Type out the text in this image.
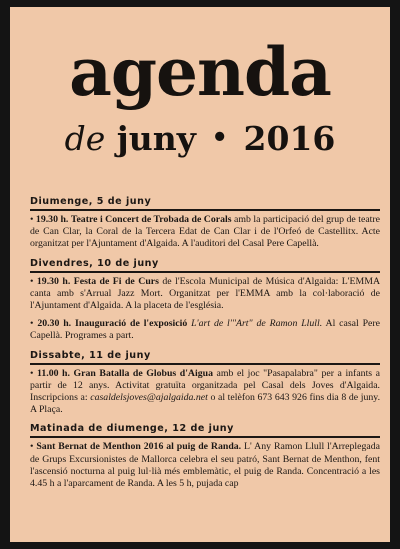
agenda
de juny • 2016
Diumenge, 5 de juny

• 19.30 h. Teatre i Concert de Trobada de Corals amb la participació del grup de teatre de Can Clar, la Coral de la Tercera Edat de Can Clar i de l'Orfeó de Castellitx. Acte organitzat per l'Ajuntament d'Algaida. A l'auditori del Casal Pere Capellà.

Divendres, 10 de juny

• 19.30 h. Festa de Fi de Curs de l'Escola Municipal de Música d'Algaida: L'EMMA canta amb s'Arrual Jazz Mort. Organitzat per l'EMMA amb la col·laboració de l'Ajuntament d'Algaida. A la placeta de l'església.

• 20.30 h. Inauguració de l'exposició L'art de l'"Art" de Ramon Llull. Al casal Pere Capellà. Programes a part.

Dissabte, 11 de juny

• 11.00 h. Gran Batalla de Globus d'Aigua amb el joc "Pasapalabra" per a infants a partir de 12 anys. Activitat gratuïta organitzada pel Casal dels Joves d'Algaida. Inscripcions a: casaldelsjoves@ajalgaida.net o al telèfon 673 643 926 fins dia 8 de juny. A Plaça.

Matinada de diumenge, 12 de juny

• Sant Bernat de Menthon 2016 al puig de Randa. L' Any Ramon Llull l'Arreplegada de Grups Excursionistes de Mallorca celebra el seu patró, Sant Bernat de Menthon, fent l'ascensió nocturna al puig lul·lià més emblemàtic, el puig de Randa. Concentració a les 4.45 h a l'aparcament de Randa. A les 5 h, pujada cap
